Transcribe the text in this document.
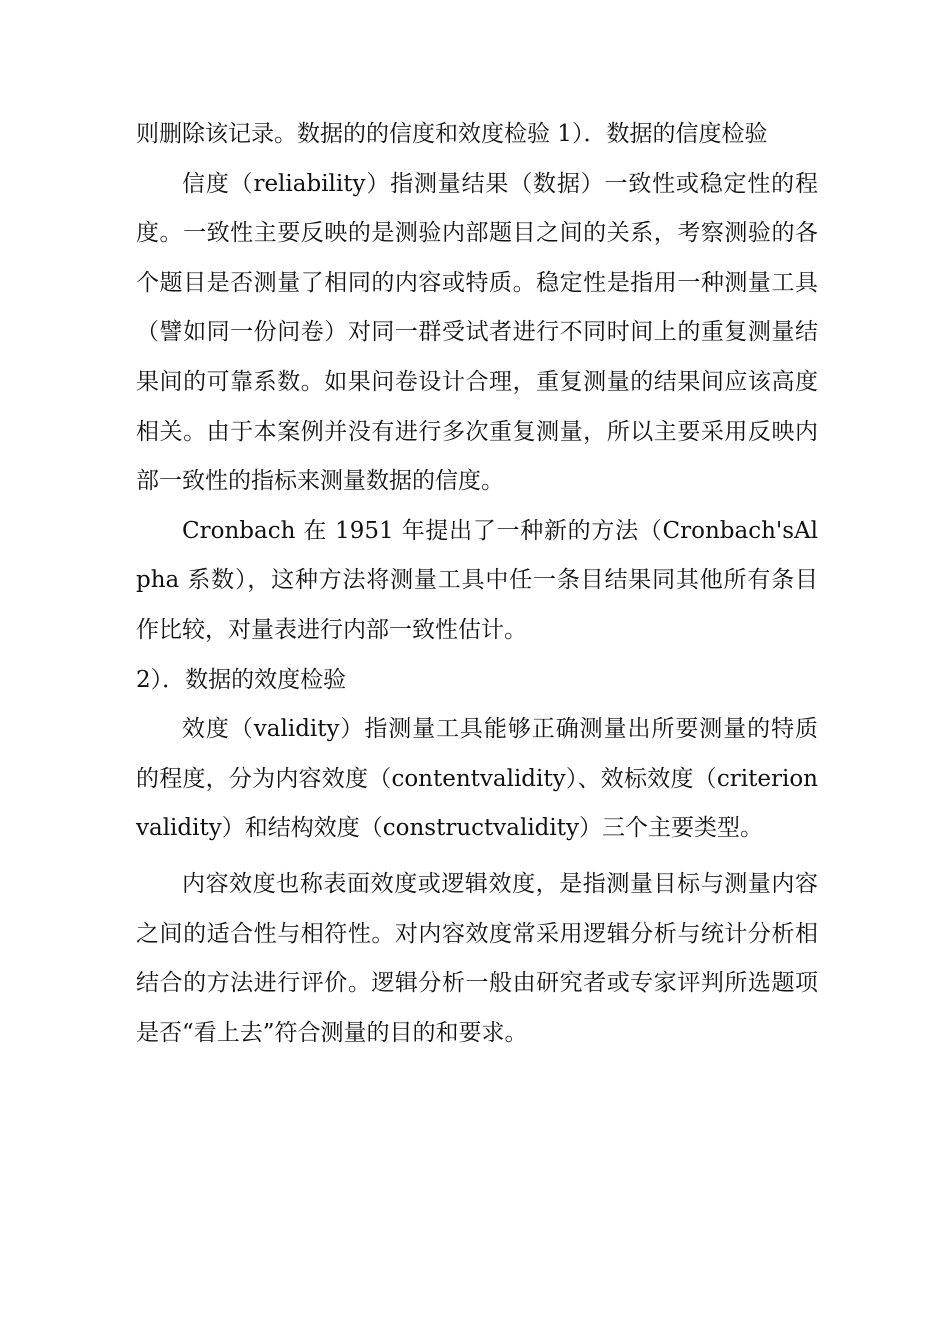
则删除该记录。数据的的信度和效度检验 1）．数据的信度检验

信度（reliability）指测量结果（数据）一致性或稳定性的程度。一致性主要反映的是测验内部题目之间的关系，考察测验的各个题目是否测量了相同的内容或特质。稳定性是指用一种测量工具（譬如同一份问卷）对同一群受试者进行不同时间上的重复测量结果间的可靠系数。如果问卷设计合理，重复测量的结果间应该高度相关。由于本案例并没有进行多次重复测量，所以主要采用反映内部一致性的指标来测量数据的信度。

Cronbach 在 1951 年提出了一种新的方法（Cronbach'sAlpha 系数），这种方法将测量工具中任一条目结果同其他所有条目作比较，对量表进行内部一致性估计。

2）．数据的效度检验

效度（validity）指测量工具能够正确测量出所要测量的特质的程度，分为内容效度（contentvalidity）、效标效度（criterionvalidity）和结构效度（constructvalidity）三个主要类型。

内容效度也称表面效度或逻辑效度，是指测量目标与测量内容之间的适合性与相符性。对内容效度常采用逻辑分析与统计分析相结合的方法进行评价。逻辑分析一般由研究者或专家评判所选题项是否“看上去”符合测量的目的和要求。
